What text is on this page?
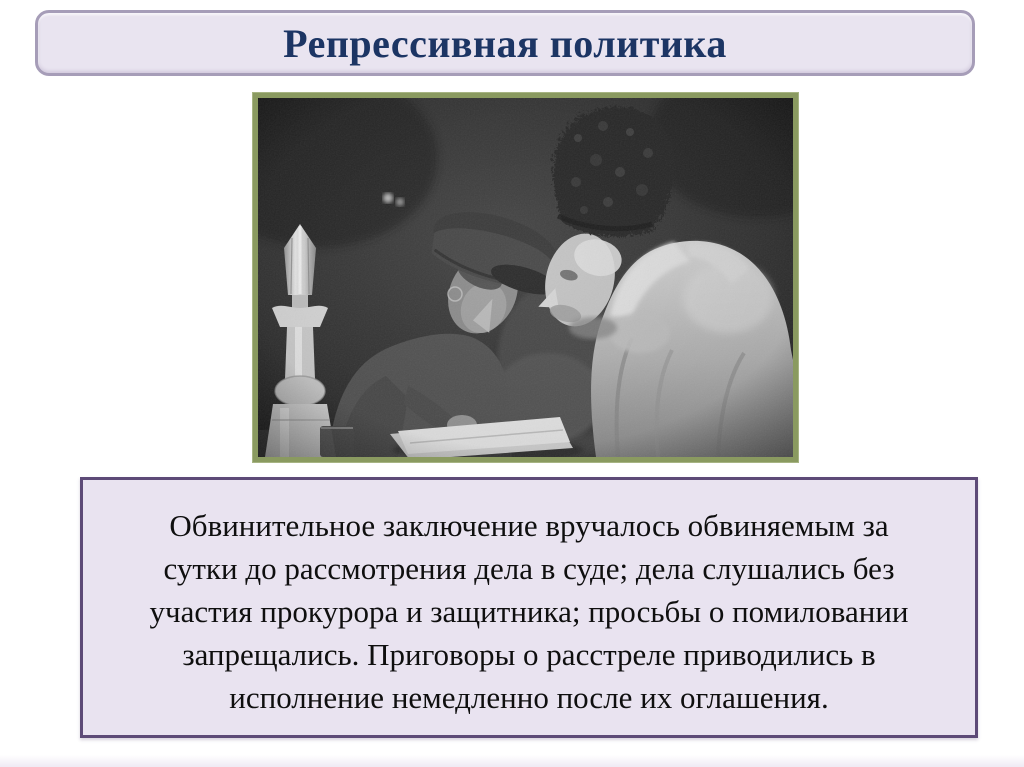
Репрессивная политика
Обвинительное заключение вручалось обвиняемым за
сутки до рассмотрения дела в суде; дела слушались без
участия прокурора и защитника; просьбы о помиловании
запрещались. Приговоры о расстреле приводились в
исполнение немедленно после их оглашения.
